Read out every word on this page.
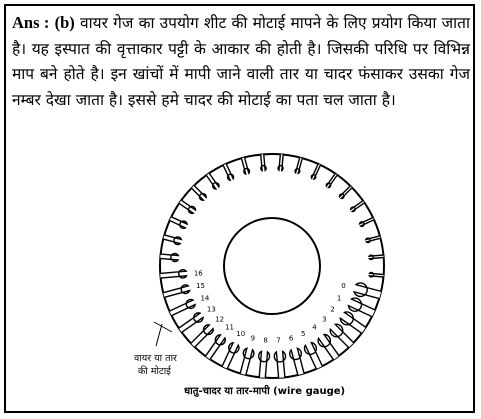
Ans : (b) वायर गेज का उपयोग शीट की मोटाई मापने के लिए प्रयोग किया जाता है। यह इस्पात की वृत्ताकार पट्टी के आकार की होती है। जिसकी परिधि पर विभिन्न माप बने होते है। इन खांचों में मापी जाने वाली तार या चादर फंसाकर उसका गेज नम्बर देखा जाता है। इससे हमे चादर की मोटाई का पता चल जाता है।
0
1
2
3
4
5
6
7
8
9
10
11
12
13
14
15
16
वायर या तार
की मोटाई
धातु-चादर या तार-मापी (wire gauge)
